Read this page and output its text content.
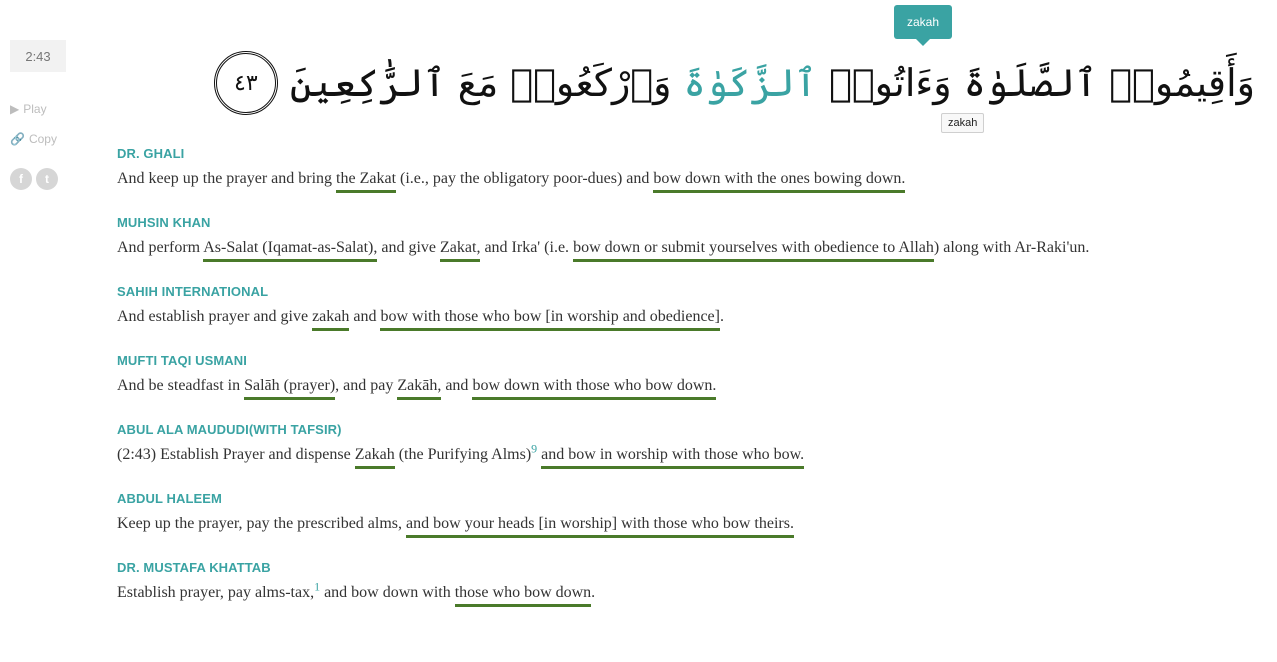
2:43
▶ Play
🔗 Copy
f	t
zakah
zakah
وَأَقِيمُوا۟
ٱلصَّلَوٰةَ
وَءَاتُوا۟
ٱلزَّكَوٰةَ
وَٱرْكَعُوا۟
مَعَ
ٱلرَّٰكِعِينَ
٤٣
DR. GHALI
And keep up the prayer and bring the Zakat (i.e., pay the obligatory poor-dues) and bow down with the ones bowing down.
MUHSIN KHAN
And perform As-Salat (Iqamat-as-Salat), and give Zakat, and Irka' (i.e. bow down or submit yourselves with obedience to Allah) along with Ar-Raki'un.
SAHIH INTERNATIONAL
And establish prayer and give zakah and bow with those who bow [in worship and obedience].
MUFTI TAQI USMANI
And be steadfast in Salāh (prayer), and pay Zakāh, and bow down with those who bow down.
ABUL ALA MAUDUDI(WITH TAFSIR)
(2:43) Establish Prayer and dispense Zakah (the Purifying Alms)$^9$ and bow in worship with those who bow.
ABDUL HALEEM
Keep up the prayer, pay the prescribed alms, and bow your heads [in worship] with those who bow theirs.
DR. MUSTAFA KHATTAB
Establish prayer, pay alms-tax,$^1$ and bow down with those who bow down.
